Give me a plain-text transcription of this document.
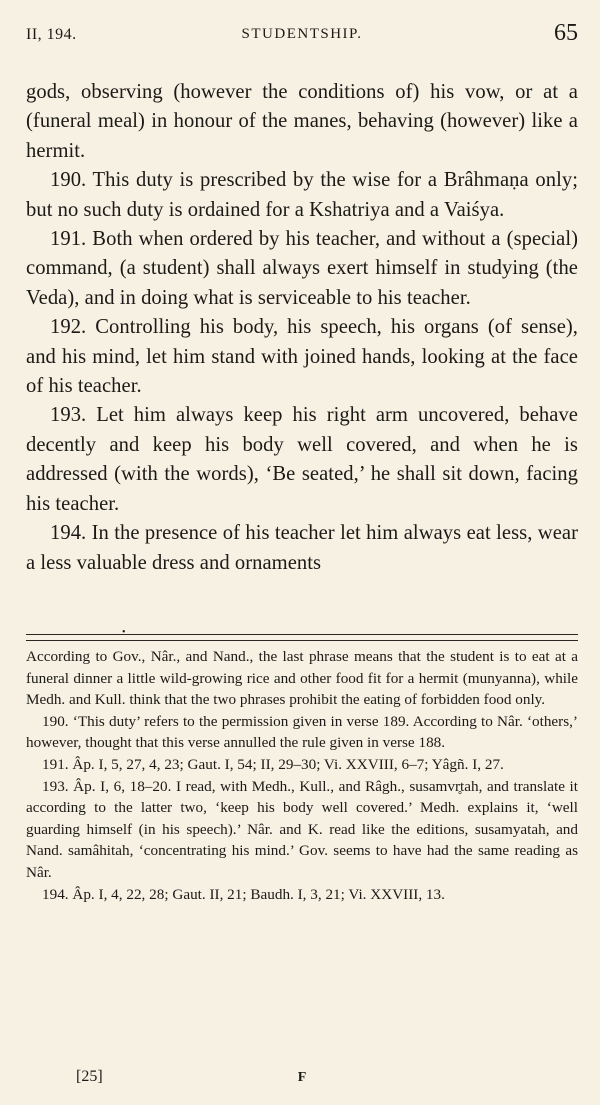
II, 194.	STUDENTSHIP.	65

gods, observing (however the conditions of) his vow, or at a (funeral meal) in honour of the manes, behaving (however) like a hermit.

190. This duty is prescribed by the wise for a Brâhmaṇa only; but no such duty is ordained for a Kshatriya and a Vaiśya.

191. Both when ordered by his teacher, and without a (special) command, (a student) shall always exert himself in studying (the Veda), and in doing what is serviceable to his teacher.

192. Controlling his body, his speech, his organs (of sense), and his mind, let him stand with joined hands, looking at the face of his teacher.

193. Let him always keep his right arm uncovered, behave decently and keep his body well covered, and when he is addressed (with the words), ‘Be seated,’ he shall sit down, facing his teacher.

194. In the presence of his teacher let him always eat less, wear a less valuable dress and ornaments

•

According to Gov., Nâr., and Nand., the last phrase means that the student is to eat at a funeral dinner a little wild-growing rice and other food fit for a hermit (munyanna), while Medh. and Kull. think that the two phrases prohibit the eating of forbidden food only.

190. ‘This duty’ refers to the permission given in verse 189. According to Nâr. ‘others,’ however, thought that this verse annulled the rule given in verse 188.

191. Âp. I, 5, 27, 4, 23; Gaut. I, 54; II, 29–30; Vi. XXVIII, 6–7; Yâgñ. I, 27.

193. Âp. I, 6, 18–20. I read, with Medh., Kull., and Râgh., susamvr̥tah, and translate it according to the latter two, ‘keep his body well covered.’ Medh. explains it, ‘well guarding himself (in his speech).’ Nâr. and K. read like the editions, susamyatah, and Nand. samâhitah, ‘concentrating his mind.’ Gov. seems to have had the same reading as Nâr.

194. Âp. I, 4, 22, 28; Gaut. II, 21; Baudh. I, 3, 21; Vi. XXVIII, 13.

[25]	F
